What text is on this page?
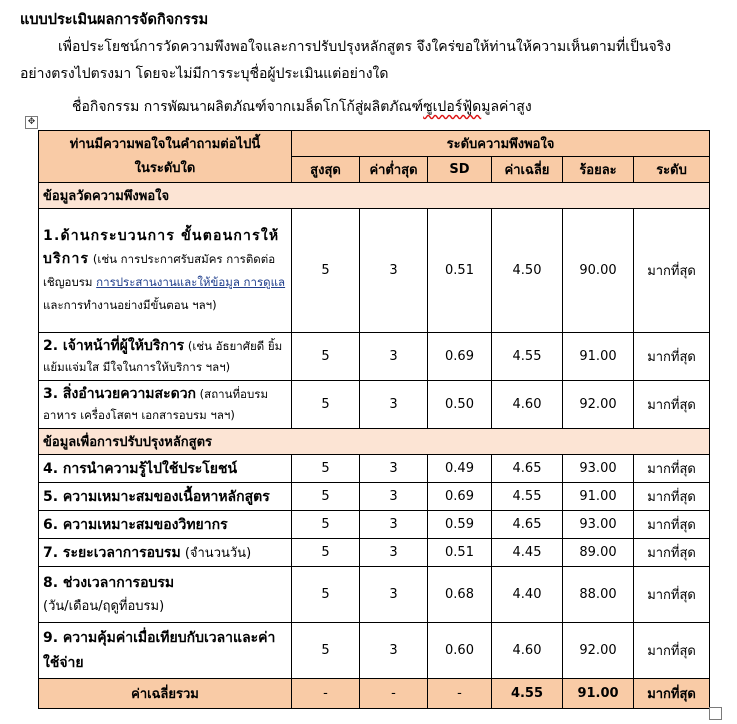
แบบประเมินผลการจัดกิจกรรม
เพื่อประโยชน์การวัดความพึงพอใจและการปรับปรุงหลักสูตร จึงใคร่ขอให้ท่านให้ความเห็นตามที่เป็นจริง
อย่างตรงไปตรงมา โดยจะไม่มีการระบุชื่อผู้ประเมินแต่อย่างใด
ชื่อกิจกรรม การพัฒนาผลิตภัณฑ์จากเมล็ดโกโก้สู่ผลิตภัณฑ์ซูเปอร์ฟู้ดมูลค่าสูง
✥
ท่านมีความพอใจในคำถามต่อไปนี้
ในระดับใด	ระดับความพึงพอใจ					
	สูงสุด	ค่าต่ำสุด	SD	ค่าเฉลี่ย	ร้อยละ	ระดับ
ข้อมูลวัดความพึงพอใจ						
1.ด้านกระบวนการ ขั้นตอนการให้บริการ (เช่น การประกาศรับสมัคร การติดต่อเชิญอบรม การประสานงานและให้ข้อมูล การดูแล และการทำงานอย่างมีขั้นตอน ฯลฯ)	5	3	0.51	4.50	90.00	มากที่สุด
2. เจ้าหน้าที่ผู้ให้บริการ (เช่น อัธยาศัยดี ยิ้มแย้มแจ่มใส มีใจในการให้บริการ ฯลฯ)	5	3	0.69	4.55	91.00	มากที่สุด
3. สิ่งอำนวยความสะดวก (สถานที่อบรม อาหาร เครื่องโสตฯ เอกสารอบรม ฯลฯ)	5	3	0.50	4.60	92.00	มากที่สุด
ข้อมูลเพื่อการปรับปรุงหลักสูตร						
4. การนำความรู้ไปใช้ประโยชน์	5	3	0.49	4.65	93.00	มากที่สุด
5. ความเหมาะสมของเนื้อหาหลักสูตร	5	3	0.69	4.55	91.00	มากที่สุด
6. ความเหมาะสมของวิทยากร	5	3	0.59	4.65	93.00	มากที่สุด
7. ระยะเวลาการอบรม (จำนวนวัน)	5	3	0.51	4.45	89.00	มากที่สุด

8. ช่วงเวลาการอบรม
(วัน/เดือน/ฤดูที่อบรม)	5	3	0.68	4.40	88.00	มากที่สุด
9. ความคุ้มค่าเมื่อเทียบกับเวลาและค่าใช้จ่าย	5	3	0.60	4.60	92.00	มากที่สุด
ค่าเฉลี่ยรวม	-	-	-	4.55	91.00	มากที่สุด
